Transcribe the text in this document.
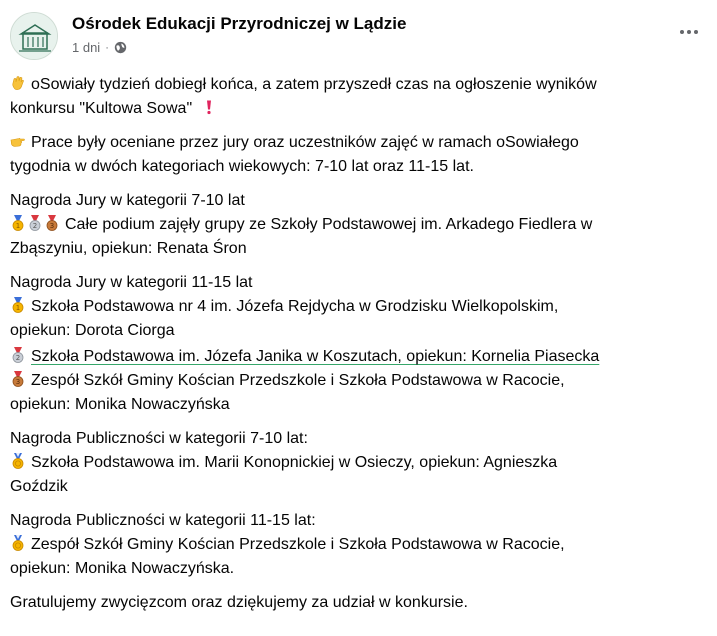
Ośrodek Edukacji Przyrodniczej w Lądzie
1 dni ·
oSowiały tydzień dobiegł końca, a zatem przyszedł czas na ogłoszenie wyników
konkursu "Kultowa Sowa"
Prace były oceniane przez jury oraz uczestników zajęć w ramach oSowiałego
tygodnia w dwóch kategoriach wiekowych: 7-10 lat oraz 11-15 lat.
Nagroda Jury w kategorii 7-10 lat
1 2 3 Całe podium zajęły grupy ze Szkoły Podstawowej im. Arkadego Fiedlera w
Zbąszyniu, opiekun: Renata Śron
Nagroda Jury w kategorii 11-15 lat
1 Szkoła Podstawowa nr 4 im. Józefa Rejdycha w Grodzisku Wielkopolskim,
opiekun: Dorota Ciorga
2 Szkoła Podstawowa im. Józefa Janika w Koszutach, opiekun: Kornelia Piasecka
3 Zespół Szkół Gminy Kościan Przedszkole i Szkoła Podstawowa w Racocie,
opiekun: Monika Nowaczyńska
Nagroda Publiczności w kategorii 7-10 lat:
Szkoła Podstawowa im. Marii Konopnickiej w Osieczy, opiekun: Agnieszka
Goździk
Nagroda Publiczności w kategorii 11-15 lat:
Zespół Szkół Gminy Kościan Przedszkole i Szkoła Podstawowa w Racocie,
opiekun: Monika Nowaczyńska.
Gratulujemy zwycięzcom oraz dziękujemy za udział w konkursie.
